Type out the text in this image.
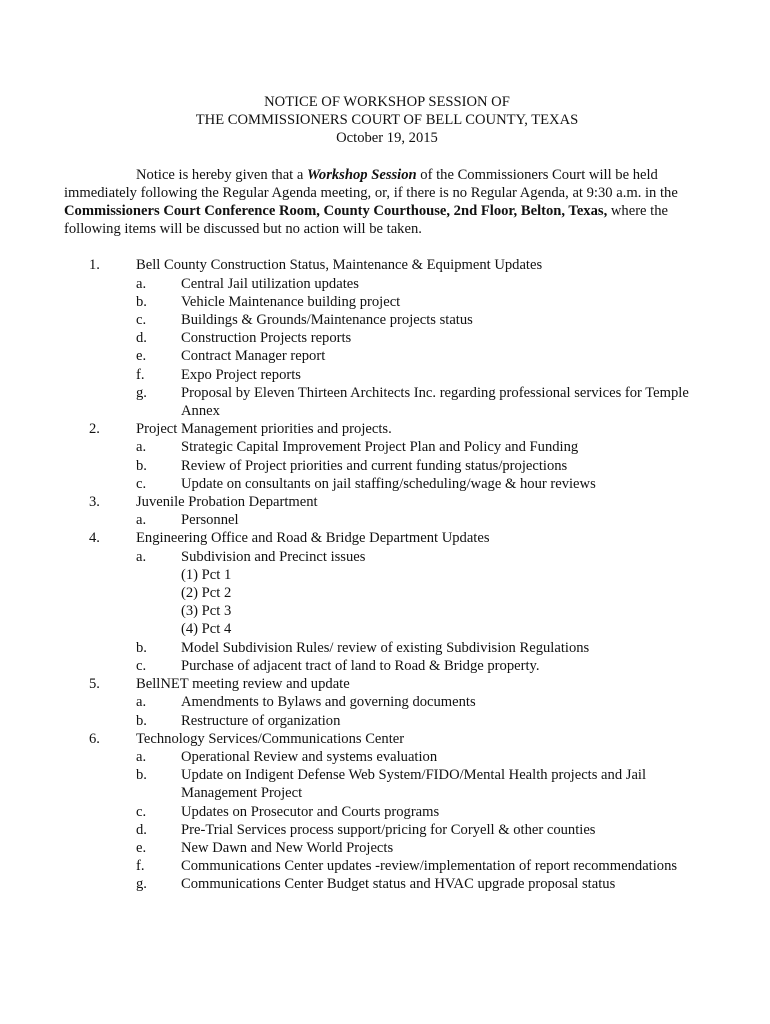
NOTICE OF WORKSHOP SESSION OF
THE COMMISSIONERS COURT OF BELL COUNTY, TEXAS
October 19, 2015

Notice is hereby given that a Workshop Session of the Commissioners Court will be held immediately following the Regular Agenda meeting, or, if there is no Regular Agenda, at 9:30 a.m. in the Commissioners Court Conference Room, County Courthouse, 2nd Floor, Belton, Texas, where the following items will be discussed but no action will be taken.

1. Bell County Construction Status, Maintenance & Equipment Updates
a. Central Jail utilization updates
b. Vehicle Maintenance building project
c. Buildings & Grounds/Maintenance projects status
d. Construction Projects reports
e. Contract Manager report
f. Expo Project reports
g. Proposal by Eleven Thirteen Architects Inc. regarding professional services for Temple Annex
2. Project Management priorities and projects.
a. Strategic Capital Improvement Project Plan and Policy and Funding
b. Review of Project priorities and current funding status/projections
c. Update on consultants on jail staffing/scheduling/wage & hour reviews
3. Juvenile Probation Department
a. Personnel
4. Engineering Office and Road & Bridge Department Updates
a. Subdivision and Precinct issues
(1) Pct 1
(2) Pct 2
(3) Pct 3
(4) Pct 4
b. Model Subdivision Rules/ review of existing Subdivision Regulations
c. Purchase of adjacent tract of land to Road & Bridge property.
5. BellNET meeting review and update
a. Amendments to Bylaws and governing documents
b. Restructure of organization
6. Technology Services/Communications Center
a. Operational Review and systems evaluation
b. Update on Indigent Defense Web System/FIDO/Mental Health projects and Jail Management Project
c. Updates on Prosecutor and Courts programs
d. Pre-Trial Services process support/pricing for Coryell & other counties
e. New Dawn and New World Projects
f. Communications Center updates -review/implementation of report recommendations
g. Communications Center Budget status and HVAC upgrade proposal status
